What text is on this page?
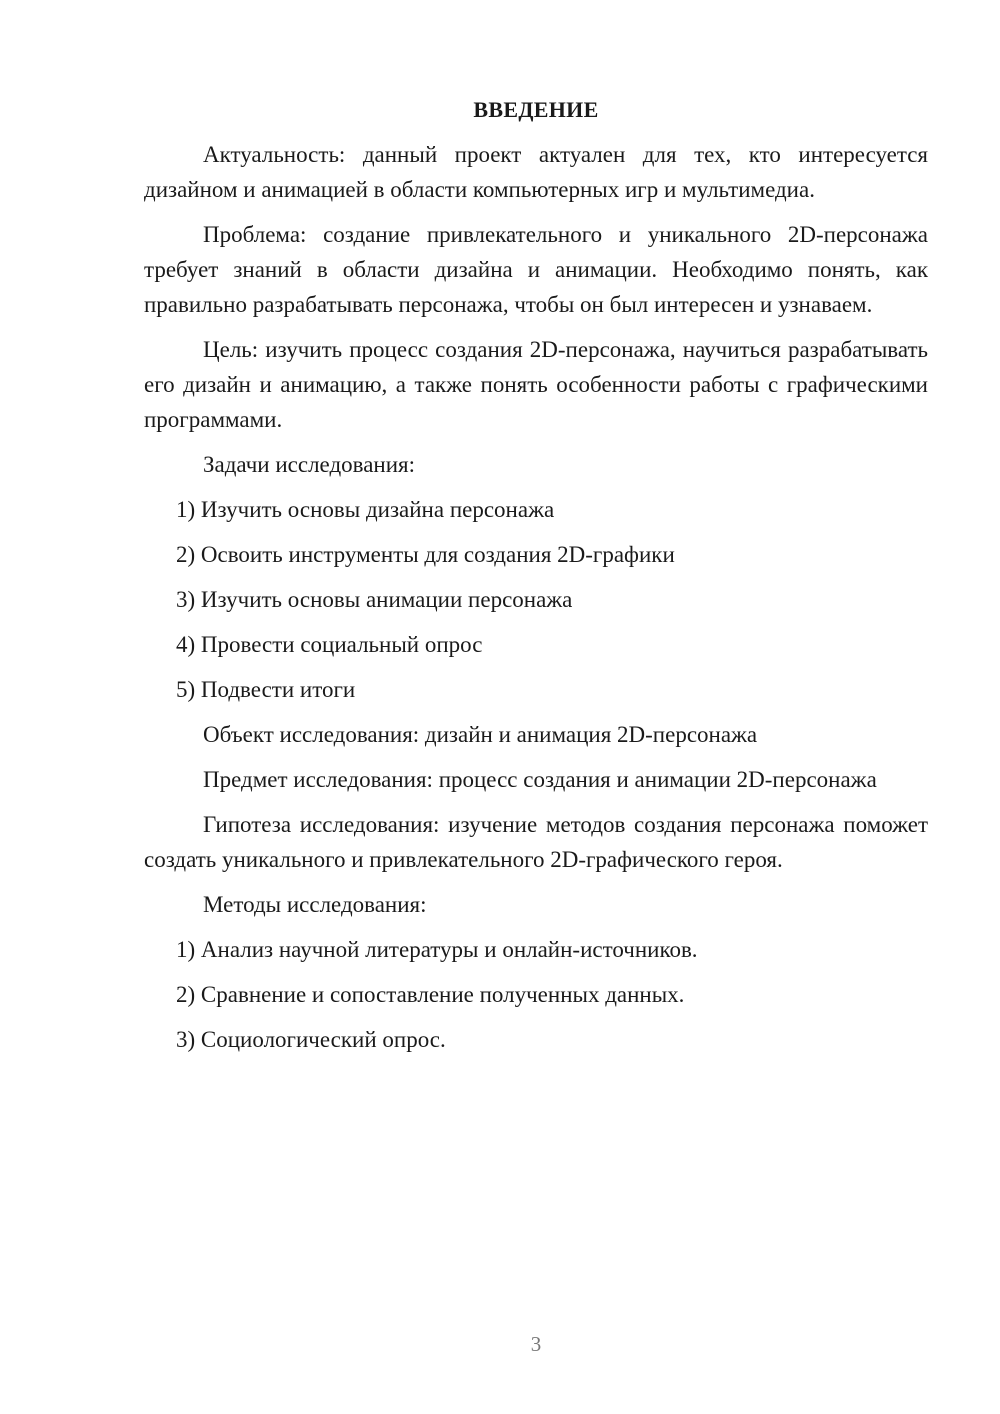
ВВЕДЕНИЕ

Актуальность: данный проект актуален для тех, кто интересуется дизайном и анимацией в области компьютерных игр и мультимедиа.

Проблема: создание привлекательного и уникального 2D-персонажа требует знаний в области дизайна и анимации. Необходимо понять, как правильно разрабатывать персонажа, чтобы он был интересен и узнаваем.

Цель: изучить процесс создания 2D-персонажа, научиться разрабатывать его дизайн и анимацию, а также понять особенности работы с графическими программами.

Задачи исследования:

1) Изучить основы дизайна персонажа

2) Освоить инструменты для создания 2D-графики

3) Изучить основы анимации персонажа

4) Провести социальный опрос

5) Подвести итоги

Объект исследования: дизайн и анимация 2D-персонажа

Предмет исследования: процесс создания и анимации 2D-персонажа

Гипотеза исследования: изучение методов создания персонажа поможет создать уникального и привлекательного 2D-графического героя.

Методы исследования:

1) Анализ научной литературы и онлайн-источников.

2) Сравнение и сопоставление полученных данных.

3) Социологический опрос.

3
